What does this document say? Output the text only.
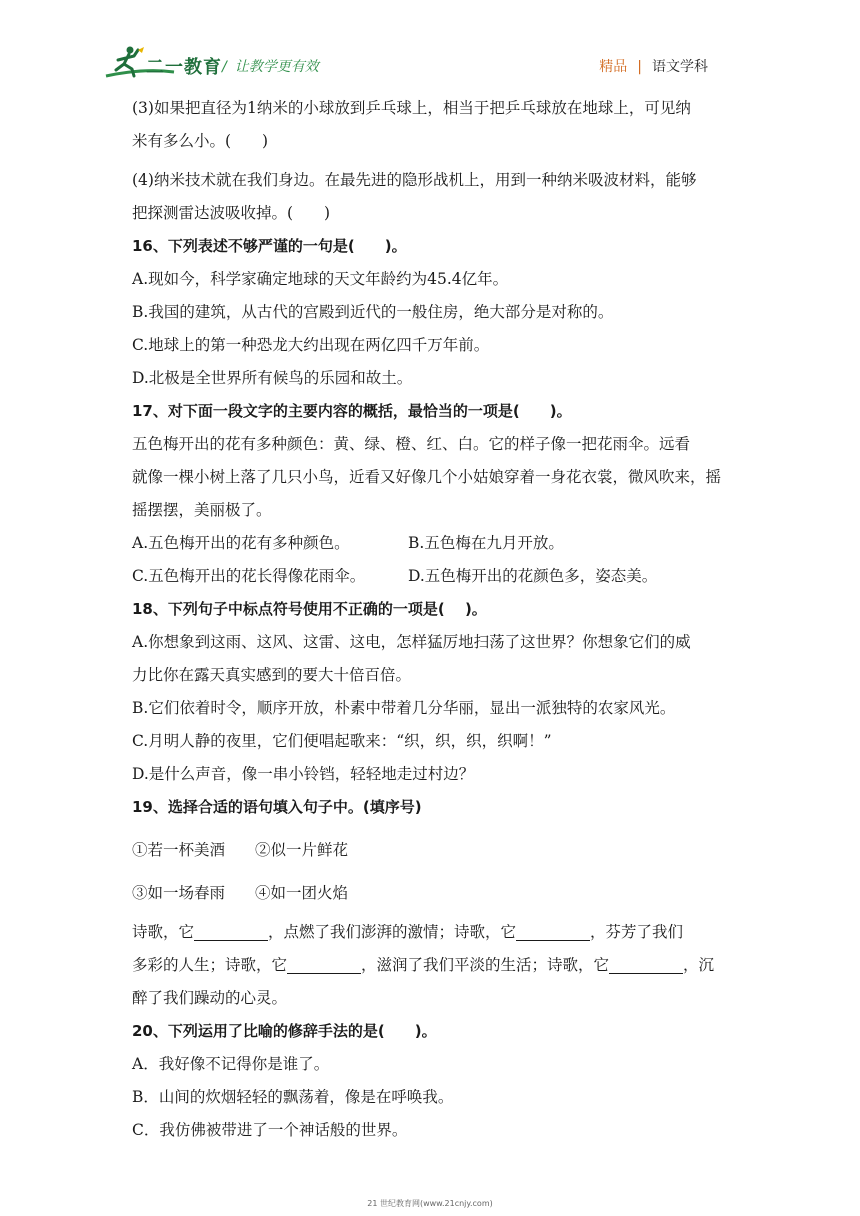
二一教育 / 让教学更有效	精品 | 语文学科
(3)如果把直径为1纳米的小球放到乒乓球上，相当于把乒乓球放在地球上，可见纳
米有多么小。(　　)
(4)纳米技术就在我们身边。在最先进的隐形战机上，用到一种纳米吸波材料，能够
把探测雷达波吸收掉。(　　)
16、下列表述不够严谨的一句是(　　)。
A.现如今，科学家确定地球的天文年龄约为45.4亿年。
B.我国的建筑，从古代的宫殿到近代的一般住房，绝大部分是对称的。
C.地球上的第一种恐龙大约出现在两亿四千万年前。
D.北极是全世界所有候鸟的乐园和故土。
17、对下面一段文字的主要内容的概括，最恰当的一项是(　　)。
五色梅开出的花有多种颜色：黄、绿、橙、红、白。它的样子像一把花雨伞。远看
就像一棵小树上落了几只小鸟，近看又好像几个小姑娘穿着一身花衣裳，微风吹来，摇
摇摆摆，美丽极了。
A.五色梅开出的花有多种颜色。	B.五色梅在九月开放。
C.五色梅开出的花长得像花雨伞。	D.五色梅开出的花颜色多，姿态美。
18、下列句子中标点符号使用不正确的一项是(　 )。
A.你想象到这雨、这风、这雷、这电，怎样猛厉地扫荡了这世界？你想象它们的威
力比你在露天真实感到的要大十倍百倍。
B.它们依着时令，顺序开放，朴素中带着几分华丽，显出一派独特的农家风光。
C.月明人静的夜里，它们便唱起歌来：“织，织，织，织啊！”
D.是什么声音，像一串小铃铛，轻轻地走过村边？
19、选择合适的语句填入句子中。(填序号)
①若一杯美酒 ②似一片鲜花
③如一场春雨 ④如一团火焰
诗歌，它	，点燃了我们澎湃的激情；诗歌，它	，芬芳了我们
多彩的人生；诗歌，它	，滋润了我们平淡的生活；诗歌，它	，沉
醉了我们躁动的心灵。
20、下列运用了比喻的修辞手法的是(　　)。
A．我好像不记得你是谁了。
B．山间的炊烟轻轻的飘荡着，像是在呼唤我。
C．我仿佛被带进了一个神话般的世界。
21 世纪教育网(www.21cnjy.com)
